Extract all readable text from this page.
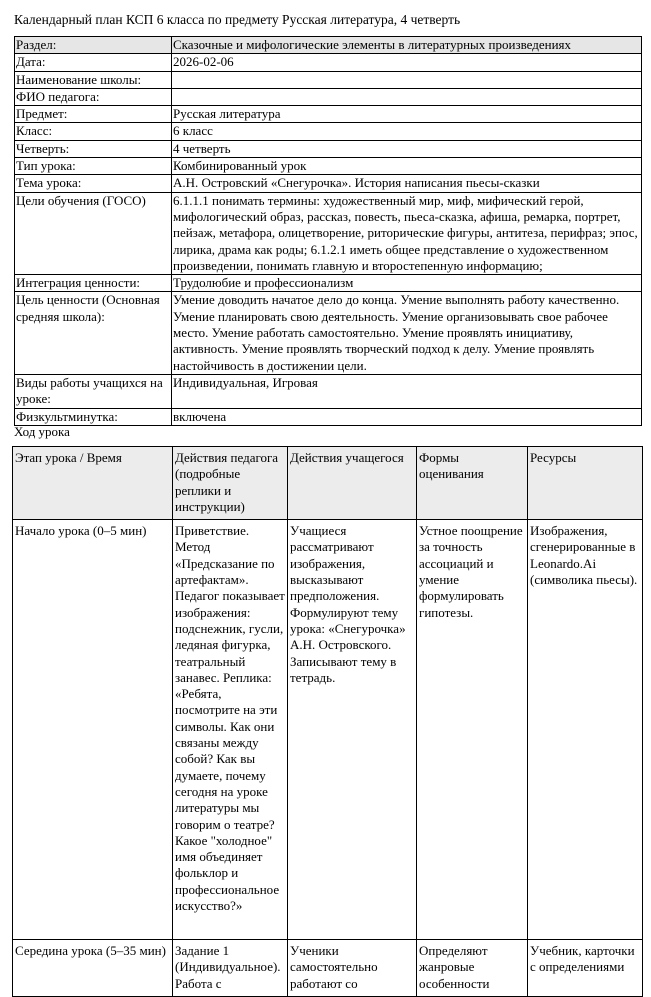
Календарный план КСП 6 класса по предмету Русская литература, 4 четверть
Раздел:	Сказочные и мифологические элементы в литературных произведениях
Дата:	2026-02-06
Наименование школы:	
ФИО педагога:	
Предмет:	Русская литература
Класс:	6 класс
Четверть:	4 четверть
Тип урока:	Комбинированный урок
Тема урока:	А.Н. Островский «Снегурочка». История написания пьесы-сказки
Цели обучения (ГОСО)	6.1.1.1 понимать термины: художественный мир, миф, мифический герой, мифологический образ, рассказ, повесть, пьеса-сказка, афиша, ремарка, портрет, пейзаж, метафора, олицетворение, риторические фигуры, антитеза, перифраз; эпос, лирика, драма как роды; 6.1.2.1 иметь общее представление о художественном произведении, понимать главную и второстепенную информацию;
Интеграция ценности:	Трудолюбие и профессионализм
Цель ценности (Основная средняя школа):	Умение доводить начатое дело до конца. Умение выполнять работу качественно. Умение планировать свою деятельность. Умение организовывать свое рабочее место. Умение работать самостоятельно. Умение проявлять инициативу, активность. Умение проявлять творческий подход к делу. Умение проявлять настойчивость в достижении цели.
Виды работы учащихся на уроке:	Индивидуальная, Игровая
Физкультминутка:	включена
Ход урока
Этап урока / Время	Действия педагога (подробные реплики и инструкции)	Действия учащегося	Формы оценивания	Ресурсы
Начало урока (0–5 мин)	Приветствие. Метод «Предсказание по артефактам». Педагог показывает изображения: подснежник, гусли, ледяная фигурка, театральный занавес. Реплика: «Ребята, посмотрите на эти символы. Как они связаны между собой? Как вы думаете, почему сегодня на уроке литературы мы говорим о театре? Какое "холодное" имя объединяет фольклор и профессиональное искусство?»	Учащиеся рассматривают изображения, высказывают предположения. Формулируют тему урока: «Снегурочка» А.Н. Островского. Записывают тему в тетрадь.	Устное поощрение за точность ассоциаций и умение формулировать гипотезы.	Изображения, сгенерированные в Leonardo.Ai (символика пьесы).
Середина урока (5–35 мин)	Задание 1 (Индивидуальное). Работа с	Ученики самостоятельно работают со	Определяют жанровые особенности	Учебник, карточки с определениями
